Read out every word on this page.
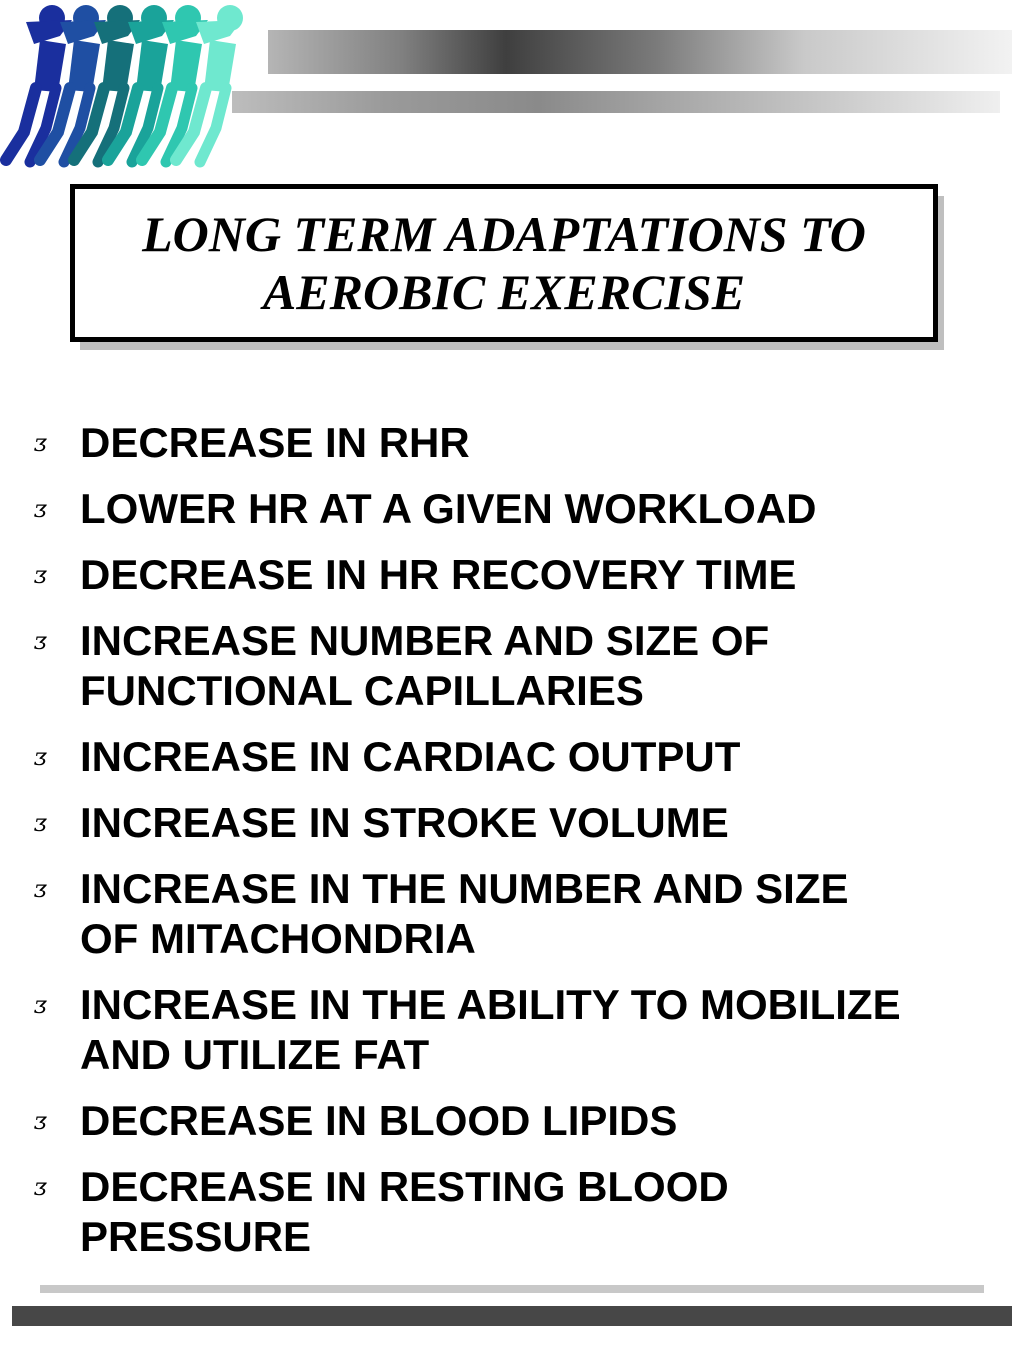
LONG TERM ADAPTATIONS TO
AEROBIC EXERCISE
ᴣ DECREASE IN RHR
ᴣ LOWER HR AT A GIVEN WORKLOAD
ᴣ DECREASE IN HR RECOVERY TIME
ᴣ INCREASE NUMBER AND SIZE OF
FUNCTIONAL CAPILLARIES
ᴣ INCREASE IN CARDIAC OUTPUT
ᴣ INCREASE IN STROKE VOLUME
ᴣ INCREASE IN THE NUMBER AND SIZE
OF MITACHONDRIA
ᴣ INCREASE IN THE ABILITY TO MOBILIZE
AND UTILIZE FAT
ᴣ DECREASE IN BLOOD LIPIDS
ᴣ DECREASE IN RESTING BLOOD
PRESSURE
